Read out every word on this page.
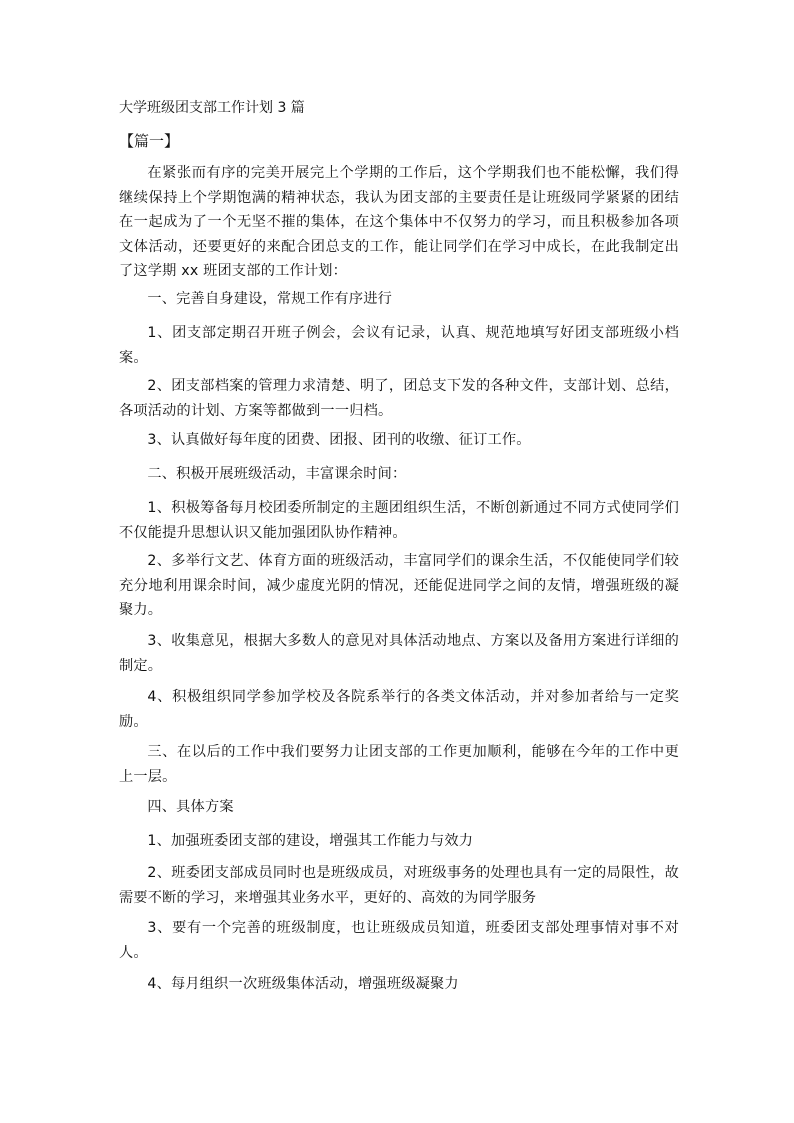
大学班级团支部工作计划 3 篇
【篇一】

在紧张而有序的完美开展完上个学期的工作后，这个学期我们也不能松懈，我们得继续保持上个学期饱满的精神状态，我认为团支部的主要责任是让班级同学紧紧的团结在一起成为了一个无坚不摧的集体，在这个集体中不仅努力的学习，而且积极参加各项文体活动，还要更好的来配合团总支的工作，能让同学们在学习中成长，在此我制定出了这学期 xx 班团支部的工作计划：

一、完善自身建设，常规工作有序进行

1、团支部定期召开班子例会，会议有记录，认真、规范地填写好团支部班级小档案。

2、团支部档案的管理力求清楚、明了，团总支下发的各种文件，支部计划、总结，各项活动的计划、方案等都做到一一归档。

3、认真做好每年度的团费、团报、团刊的收缴、征订工作。

二、积极开展班级活动，丰富课余时间：

1、积极筹备每月校团委所制定的主题团组织生活，不断创新通过不同方式使同学们不仅能提升思想认识又能加强团队协作精神。

2、多举行文艺、体育方面的班级活动，丰富同学们的课余生活，不仅能使同学们较充分地利用课余时间，减少虚度光阴的情况，还能促进同学之间的友情，增强班级的凝聚力。

3、收集意见，根据大多数人的意见对具体活动地点、方案以及备用方案进行详细的制定。

4、积极组织同学参加学校及各院系举行的各类文体活动，并对参加者给与一定奖励。

三、在以后的工作中我们要努力让团支部的工作更加顺利，能够在今年的工作中更上一层。

四、具体方案

1、加强班委团支部的建设，增强其工作能力与效力

2、班委团支部成员同时也是班级成员，对班级事务的处理也具有一定的局限性，故需要不断的学习，来增强其业务水平，更好的、高效的为同学服务

3、要有一个完善的班级制度，也让班级成员知道，班委团支部处理事情对事不对人。

4、每月组织一次班级集体活动，增强班级凝聚力
